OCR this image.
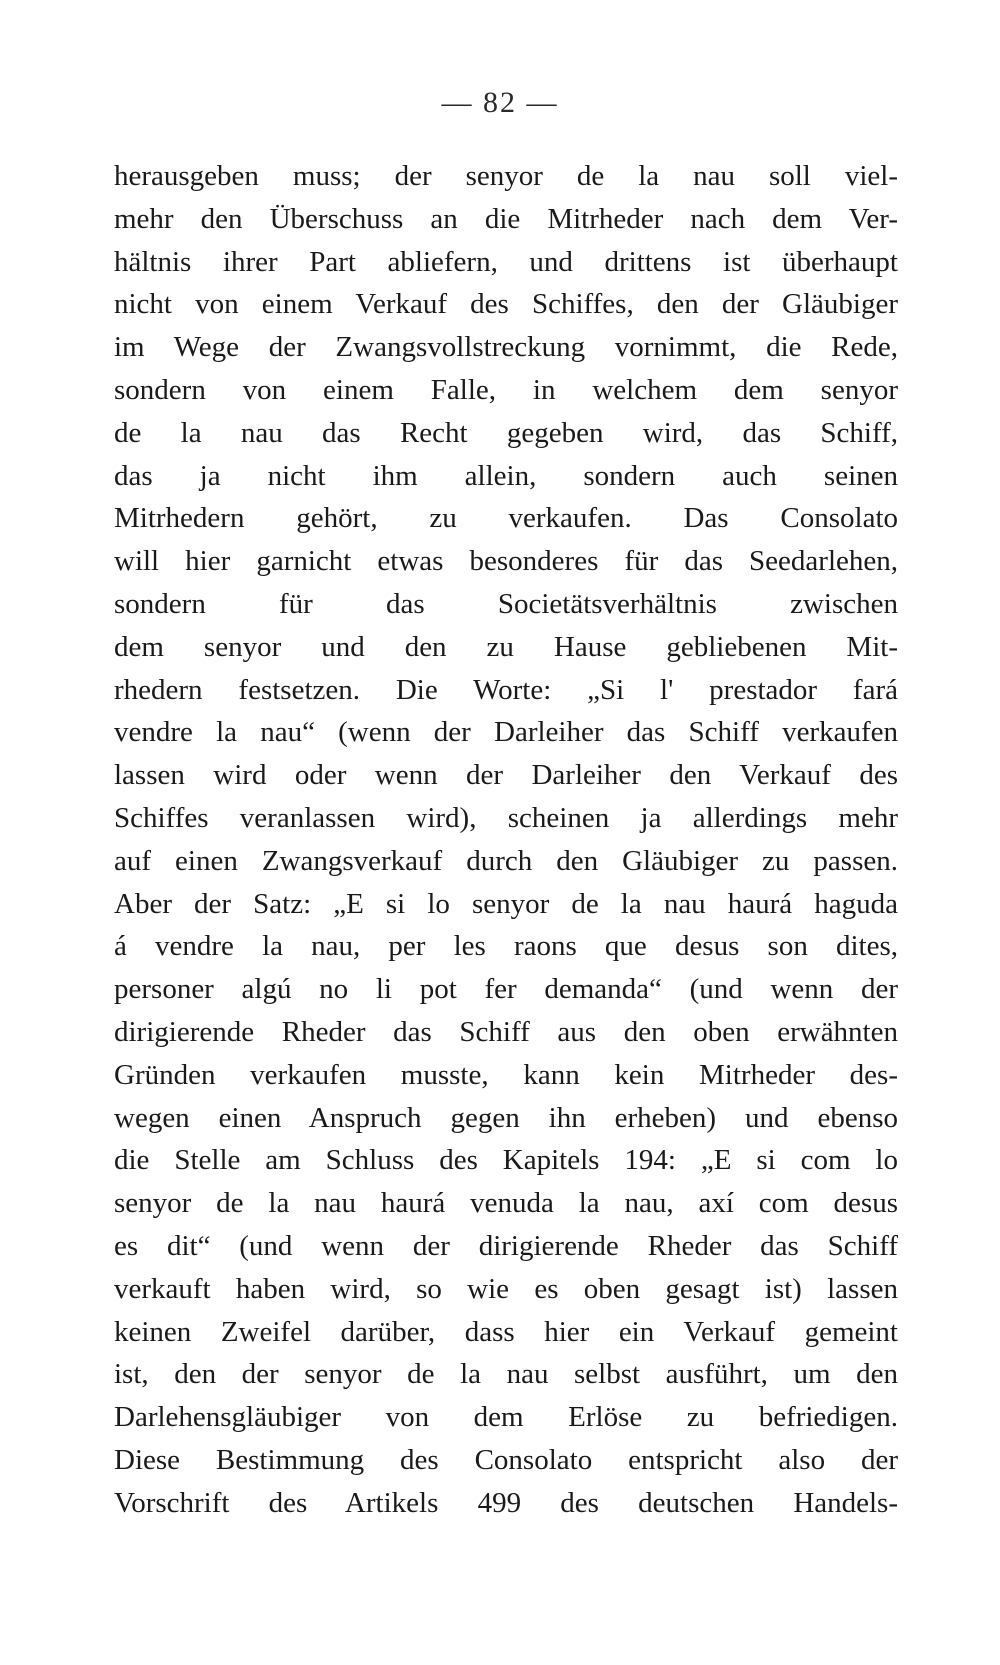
— 82 —
herausgeben muss; der senyor de la nau soll viel-
mehr den Überschuss an die Mitrheder nach dem Ver-
hältnis ihrer Part abliefern, und drittens ist überhaupt
nicht von einem Verkauf des Schiffes, den der Gläubiger
im Wege der Zwangsvollstreckung vornimmt, die Rede,
sondern von einem Falle, in welchem dem senyor
de la nau das Recht gegeben wird, das Schiff,
das ja nicht ihm allein, sondern auch seinen
Mitrhedern gehört, zu verkaufen. Das Consolato
will hier garnicht etwas besonderes für das Seedarlehen,
sondern für das Societätsverhältnis zwischen
dem senyor und den zu Hause gebliebenen Mit-
rhedern festsetzen. Die Worte: „Si l' prestador fará
vendre la nau“ (wenn der Darleiher das Schiff verkaufen
lassen wird oder wenn der Darleiher den Verkauf des
Schiffes veranlassen wird), scheinen ja allerdings mehr
auf einen Zwangsverkauf durch den Gläubiger zu passen.
Aber der Satz: „E si lo senyor de la nau haurá haguda
á vendre la nau, per les raons que desus son dites,
personer algú no li pot fer demanda“ (und wenn der
dirigierende Rheder das Schiff aus den oben erwähnten
Gründen verkaufen musste, kann kein Mitrheder des-
wegen einen Anspruch gegen ihn erheben) und ebenso
die Stelle am Schluss des Kapitels 194: „E si com lo
senyor de la nau haurá venuda la nau, axí com desus
es dit“ (und wenn der dirigierende Rheder das Schiff
verkauft haben wird, so wie es oben gesagt ist) lassen
keinen Zweifel darüber, dass hier ein Verkauf gemeint
ist, den der senyor de la nau selbst ausführt, um den
Darlehensgläubiger von dem Erlöse zu befriedigen.
Diese Bestimmung des Consolato entspricht also der
Vorschrift des Artikels 499 des deutschen Handels-
